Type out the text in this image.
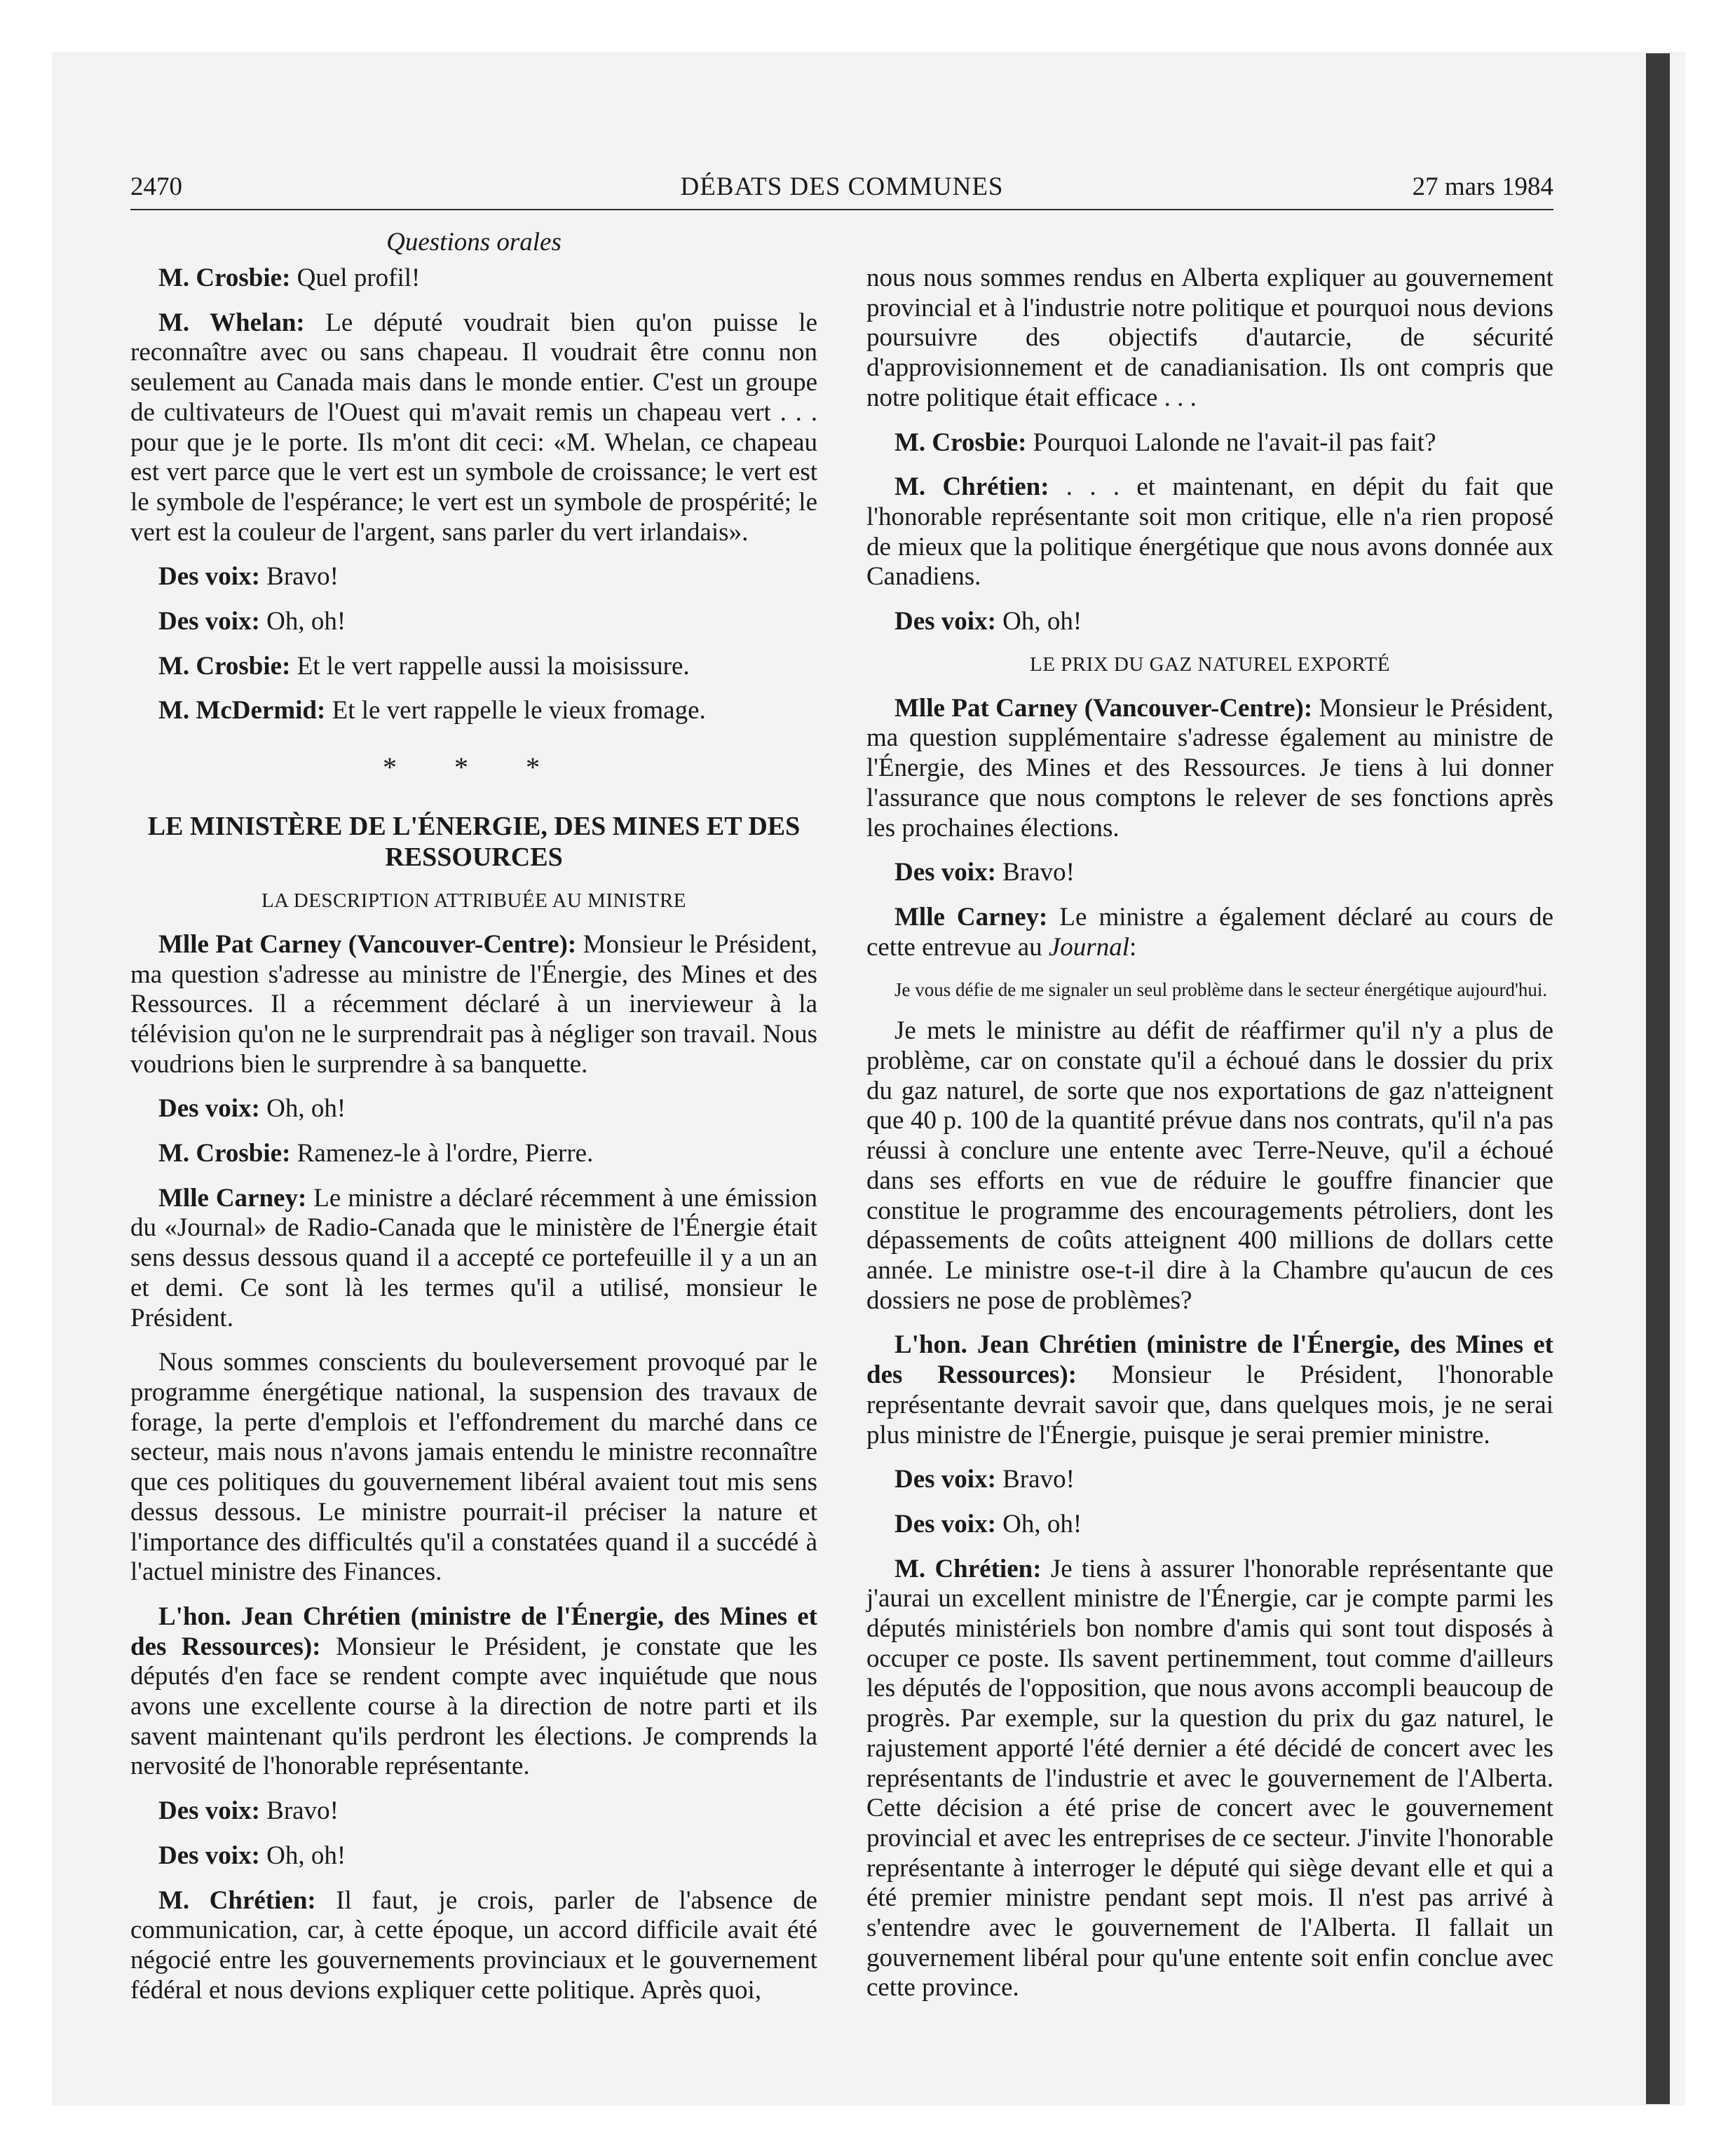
2470	DÉBATS DES COMMUNES	27 mars 1984
Questions orales

M. Crosbie: Quel profil!

M. Whelan: Le député voudrait bien qu'on puisse le reconnaître avec ou sans chapeau. Il voudrait être connu non seulement au Canada mais dans le monde entier. C'est un groupe de cultivateurs de l'Ouest qui m'avait remis un chapeau vert . . . pour que je le porte. Ils m'ont dit ceci: «M. Whelan, ce chapeau est vert parce que le vert est un symbole de croissance; le vert est le symbole de l'espérance; le vert est un symbole de prospérité; le vert est la couleur de l'argent, sans parler du vert irlandais».

Des voix: Bravo!

Des voix: Oh, oh!

M. Crosbie: Et le vert rappelle aussi la moisissure.

M. McDermid: Et le vert rappelle le vieux fromage.

* * *
LE MINISTÈRE DE L'ÉNERGIE, DES MINES ET DES RESSOURCES
LA DESCRIPTION ATTRIBUÉE AU MINISTRE

Mlle Pat Carney (Vancouver-Centre): Monsieur le Président, ma question s'adresse au ministre de l'Énergie, des Mines et des Ressources. Il a récemment déclaré à un inervieweur à la télévision qu'on ne le surprendrait pas à négliger son travail. Nous voudrions bien le surprendre à sa banquette.

Des voix: Oh, oh!

M. Crosbie: Ramenez-le à l'ordre, Pierre.

Mlle Carney: Le ministre a déclaré récemment à une émission du «Journal» de Radio-Canada que le ministère de l'Énergie était sens dessus dessous quand il a accepté ce portefeuille il y a un an et demi. Ce sont là les termes qu'il a utilisé, monsieur le Président.

Nous sommes conscients du bouleversement provoqué par le programme énergétique national, la suspension des travaux de forage, la perte d'emplois et l'effondrement du marché dans ce secteur, mais nous n'avons jamais entendu le ministre reconnaître que ces politiques du gouvernement libéral avaient tout mis sens dessus dessous. Le ministre pourrait-il préciser la nature et l'importance des difficultés qu'il a constatées quand il a succédé à l'actuel ministre des Finances.

L'hon. Jean Chrétien (ministre de l'Énergie, des Mines et des Ressources): Monsieur le Président, je constate que les députés d'en face se rendent compte avec inquiétude que nous avons une excellente course à la direction de notre parti et ils savent maintenant qu'ils perdront les élections. Je comprends la nervosité de l'honorable représentante.

Des voix: Bravo!

Des voix: Oh, oh!

M. Chrétien: Il faut, je crois, parler de l'absence de communication, car, à cette époque, un accord difficile avait été négocié entre les gouvernements provinciaux et le gouvernement fédéral et nous devions expliquer cette politique. Après quoi,

nous nous sommes rendus en Alberta expliquer au gouvernement provincial et à l'industrie notre politique et pourquoi nous devions poursuivre des objectifs d'autarcie, de sécurité d'approvisionnement et de canadianisation. Ils ont compris que notre politique était efficace . . .

M. Crosbie: Pourquoi Lalonde ne l'avait-il pas fait?

M. Chrétien: . . . et maintenant, en dépit du fait que l'honorable représentante soit mon critique, elle n'a rien proposé de mieux que la politique énergétique que nous avons donnée aux Canadiens.

Des voix: Oh, oh!

LE PRIX DU GAZ NATUREL EXPORTÉ

Mlle Pat Carney (Vancouver-Centre): Monsieur le Président, ma question supplémentaire s'adresse également au ministre de l'Énergie, des Mines et des Ressources. Je tiens à lui donner l'assurance que nous comptons le relever de ses fonctions après les prochaines élections.

Des voix: Bravo!

Mlle Carney: Le ministre a également déclaré au cours de cette entrevue au Journal:

Je vous défie de me signaler un seul problème dans le secteur énergétique aujourd'hui.

Je mets le ministre au défit de réaffirmer qu'il n'y a plus de problème, car on constate qu'il a échoué dans le dossier du prix du gaz naturel, de sorte que nos exportations de gaz n'atteignent que 40 p. 100 de la quantité prévue dans nos contrats, qu'il n'a pas réussi à conclure une entente avec Terre-Neuve, qu'il a échoué dans ses efforts en vue de réduire le gouffre financier que constitue le programme des encouragements pétroliers, dont les dépassements de coûts atteignent 400 millions de dollars cette année. Le ministre ose-t-il dire à la Chambre qu'aucun de ces dossiers ne pose de problèmes?

L'hon. Jean Chrétien (ministre de l'Énergie, des Mines et des Ressources): Monsieur le Président, l'honorable représentante devrait savoir que, dans quelques mois, je ne serai plus ministre de l'Énergie, puisque je serai premier ministre.

Des voix: Bravo!

Des voix: Oh, oh!

M. Chrétien: Je tiens à assurer l'honorable représentante que j'aurai un excellent ministre de l'Énergie, car je compte parmi les députés ministériels bon nombre d'amis qui sont tout disposés à occuper ce poste. Ils savent pertinemment, tout comme d'ailleurs les députés de l'opposition, que nous avons accompli beaucoup de progrès. Par exemple, sur la question du prix du gaz naturel, le rajustement apporté l'été dernier a été décidé de concert avec les représentants de l'industrie et avec le gouvernement de l'Alberta. Cette décision a été prise de concert avec le gouvernement provincial et avec les entreprises de ce secteur. J'invite l'honorable représentante à interroger le député qui siège devant elle et qui a été premier ministre pendant sept mois. Il n'est pas arrivé à s'entendre avec le gouvernement de l'Alberta. Il fallait un gouvernement libéral pour qu'une entente soit enfin conclue avec cette province.
